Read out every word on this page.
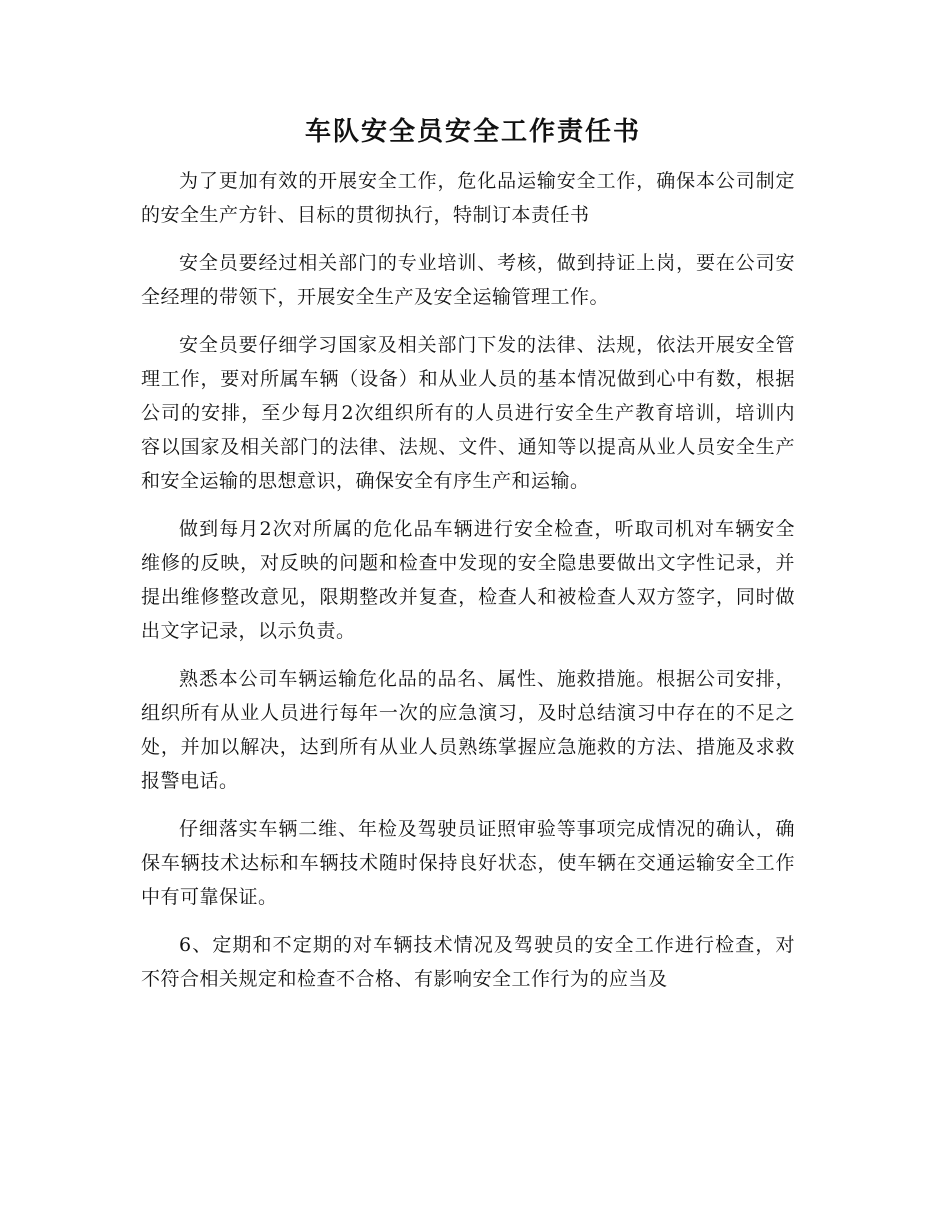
车队安全员安全工作责任书

为了更加有效的开展安全工作，危化品运输安全工作，确保本公司制定的安全生产方针、目标的贯彻执行，特制订本责任书

安全员要经过相关部门的专业培训、考核，做到持证上岗，要在公司安全经理的带领下，开展安全生产及安全运输管理工作。

安全员要仔细学习国家及相关部门下发的法律、法规，依法开展安全管理工作，要对所属车辆（设备）和从业人员的基本情况做到心中有数，根据公司的安排，至少每月2次组织所有的人员进行安全生产教育培训，培训内容以国家及相关部门的法律、法规、文件、通知等以提高从业人员安全生产和安全运输的思想意识，确保安全有序生产和运输。

做到每月2次对所属的危化品车辆进行安全检查，听取司机对车辆安全维修的反映，对反映的问题和检查中发现的安全隐患要做出文字性记录，并提出维修整改意见，限期整改并复查，检查人和被检查人双方签字，同时做出文字记录，以示负责。

熟悉本公司车辆运输危化品的品名、属性、施救措施。根据公司安排，组织所有从业人员进行每年一次的应急演习，及时总结演习中存在的不足之处，并加以解决，达到所有从业人员熟练掌握应急施救的方法、措施及求救报警电话。

仔细落实车辆二维、年检及驾驶员证照审验等事项完成情况的确认，确保车辆技术达标和车辆技术随时保持良好状态，使车辆在交通运输安全工作中有可靠保证。

6、定期和不定期的对车辆技术情况及驾驶员的安全工作进行检查，对不符合相关规定和检查不合格、有影响安全工作行为的应当及
